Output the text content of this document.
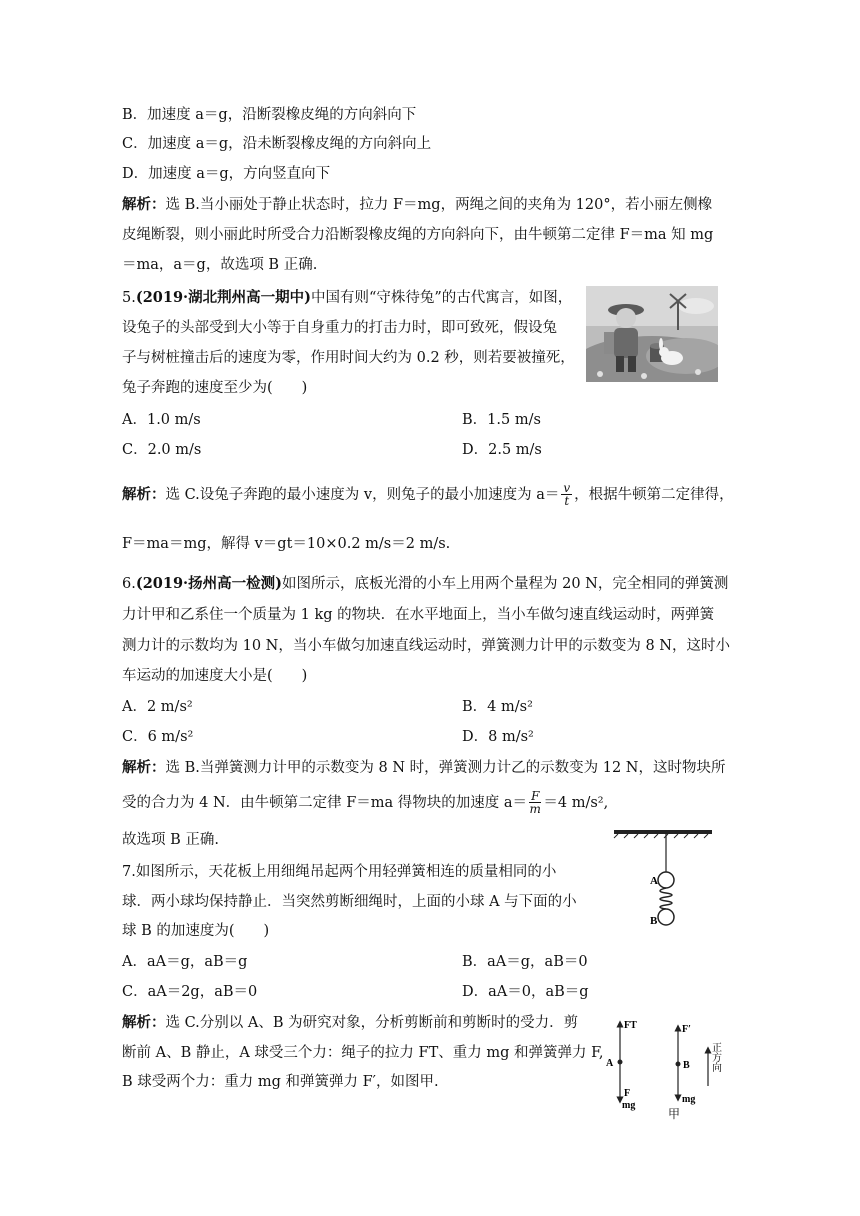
B．加速度 a＝g，沿断裂橡皮绳的方向斜向下
C．加速度 a＝g，沿未断裂橡皮绳的方向斜向上
D．加速度 a＝g，方向竖直向下
解析：选 B.当小丽处于静止状态时，拉力 F＝mg，两绳之间的夹角为 120°，若小丽左侧橡
皮绳断裂，则小丽此时所受合力沿断裂橡皮绳的方向斜向下，由牛顿第二定律 F＝ma 知 mg
＝ma，a＝g，故选项 B 正确.
5.(2019·湖北荆州高一期中)中国有则“守株待兔”的古代寓言，如图，
设兔子的头部受到大小等于自身重力的打击力时，即可致死，假设兔
子与树桩撞击后的速度为零，作用时间大约为 0.2 秒，则若要被撞死，
兔子奔跑的速度至少为(　　)
A．1.0 m/s	B．1.5 m/s
C．2.0 m/s	D．2.5 m/s
解析：选 C.设兔子奔跑的最小速度为 v，则兔子的最小加速度为 $a= \frac{v}{t}$ ，根据牛顿第二定律得，
F＝ma＝mg，解得 v＝gt＝10×0.2 m/s＝2 m/s.
6.(2019·扬州高一检测)如图所示，底板光滑的小车上用两个量程为 20 N，完全相同的弹簧测
力计甲和乙系住一个质量为 1 kg 的物块．在水平地面上，当小车做匀速直线运动时，两弹簧
测力计的示数均为 10 N，当小车做匀加速直线运动时，弹簧测力计甲的示数变为 8 N，这时小
车运动的加速度大小是(　　)
A．2 m/s²	B．4 m/s²
C．6 m/s²	D．8 m/s²
解析：选 B.当弹簧测力计甲的示数变为 8 N 时，弹簧测力计乙的示数变为 12 N，这时物块所
受的合力为 4 N．由牛顿第二定律 F＝ma 得物块的加速度 $a= \frac{F}{m} =4$ m/s²,
故选项 B 正确.
7.如图所示，天花板上用细绳吊起两个用轻弹簧相连的质量相同的小
球．两小球均保持静止．当突然剪断细绳时，上面的小球 A 与下面的小
球 B 的加速度为(　　)
A
B
A．aA＝g，aB＝g	B．aA＝g，aB＝0
C．aA＝2g，aB＝0	D．aA＝0，aB＝g
解析：选 C.分别以 A、B 为研究对象，分析剪断前和剪断时的受力．剪
断前 A、B 静止，A 球受三个力：绳子的拉力 FT、重力 mg 和弹簧弹力 F,
B 球受两个力：重力 mg 和弹簧弹力 F′，如图甲.
FT
A
F
mg
F′
B
mg
正方向
甲
